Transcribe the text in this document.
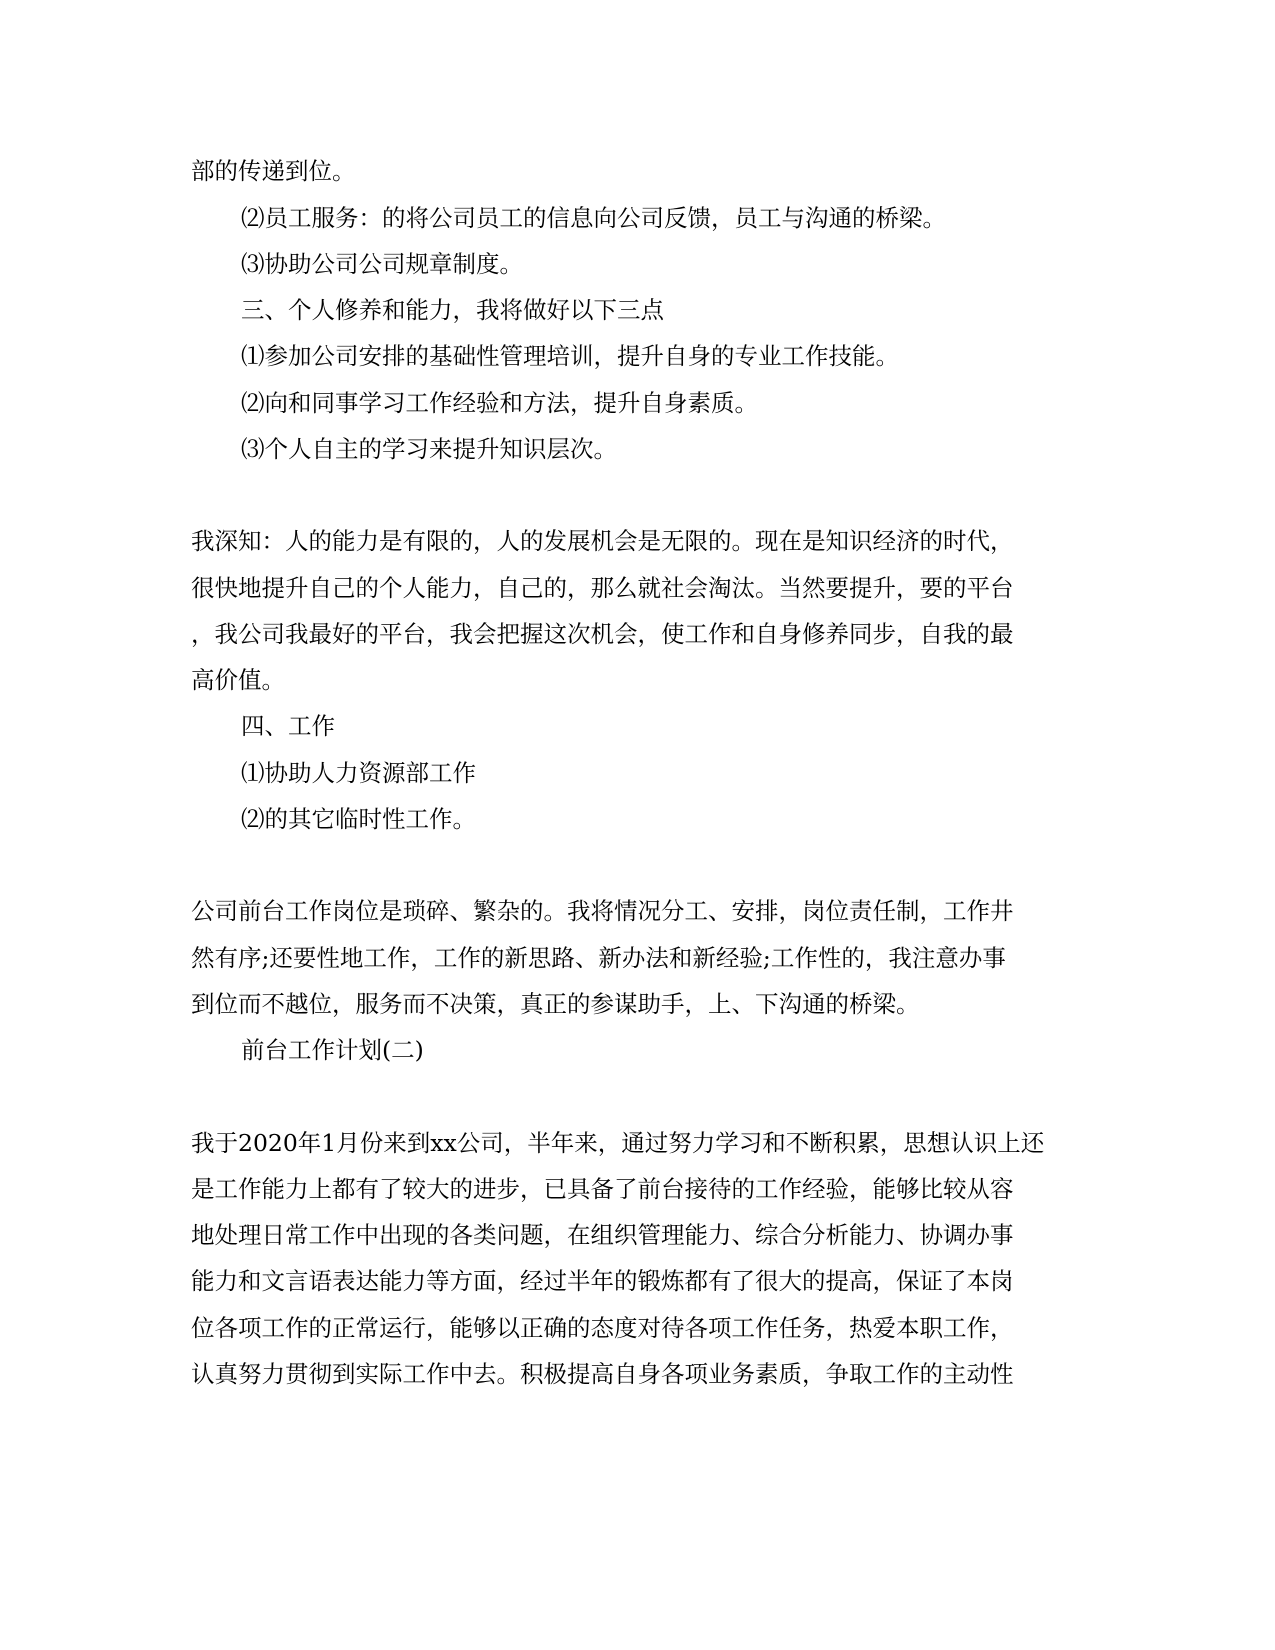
部的传递到位。
⑵员工服务：的将公司员工的信息向公司反馈，员工与沟通的桥梁。
⑶协助公司公司规章制度。
三、个人修养和能力，我将做好以下三点
⑴参加公司安排的基础性管理培训，提升自身的专业工作技能。
⑵向和同事学习工作经验和方法，提升自身素质。
⑶个人自主的学习来提升知识层次。
我深知：人的能力是有限的，人的发展机会是无限的。现在是知识经济的时代，
很快地提升自己的个人能力，自己的，那么就社会淘汰。当然要提升，要的平台
，我公司我最好的平台，我会把握这次机会，使工作和自身修养同步，自我的最
高价值。
四、工作
⑴协助人力资源部工作
⑵的其它临时性工作。
公司前台工作岗位是琐碎、繁杂的。我将情况分工、安排，岗位责任制，工作井
然有序;还要性地工作，工作的新思路、新办法和新经验;工作性的，我注意办事
到位而不越位，服务而不决策，真正的参谋助手，上、下沟通的桥梁。
前台工作计划(二)
我于2020年1月份来到xx公司，半年来，通过努力学习和不断积累，思想认识上还
是工作能力上都有了较大的进步，已具备了前台接待的工作经验，能够比较从容
地处理日常工作中出现的各类问题，在组织管理能力、综合分析能力、协调办事
能力和文言语表达能力等方面，经过半年的锻炼都有了很大的提高，保证了本岗
位各项工作的正常运行，能够以正确的态度对待各项工作任务，热爱本职工作，
认真努力贯彻到实际工作中去。积极提高自身各项业务素质，争取工作的主动性
